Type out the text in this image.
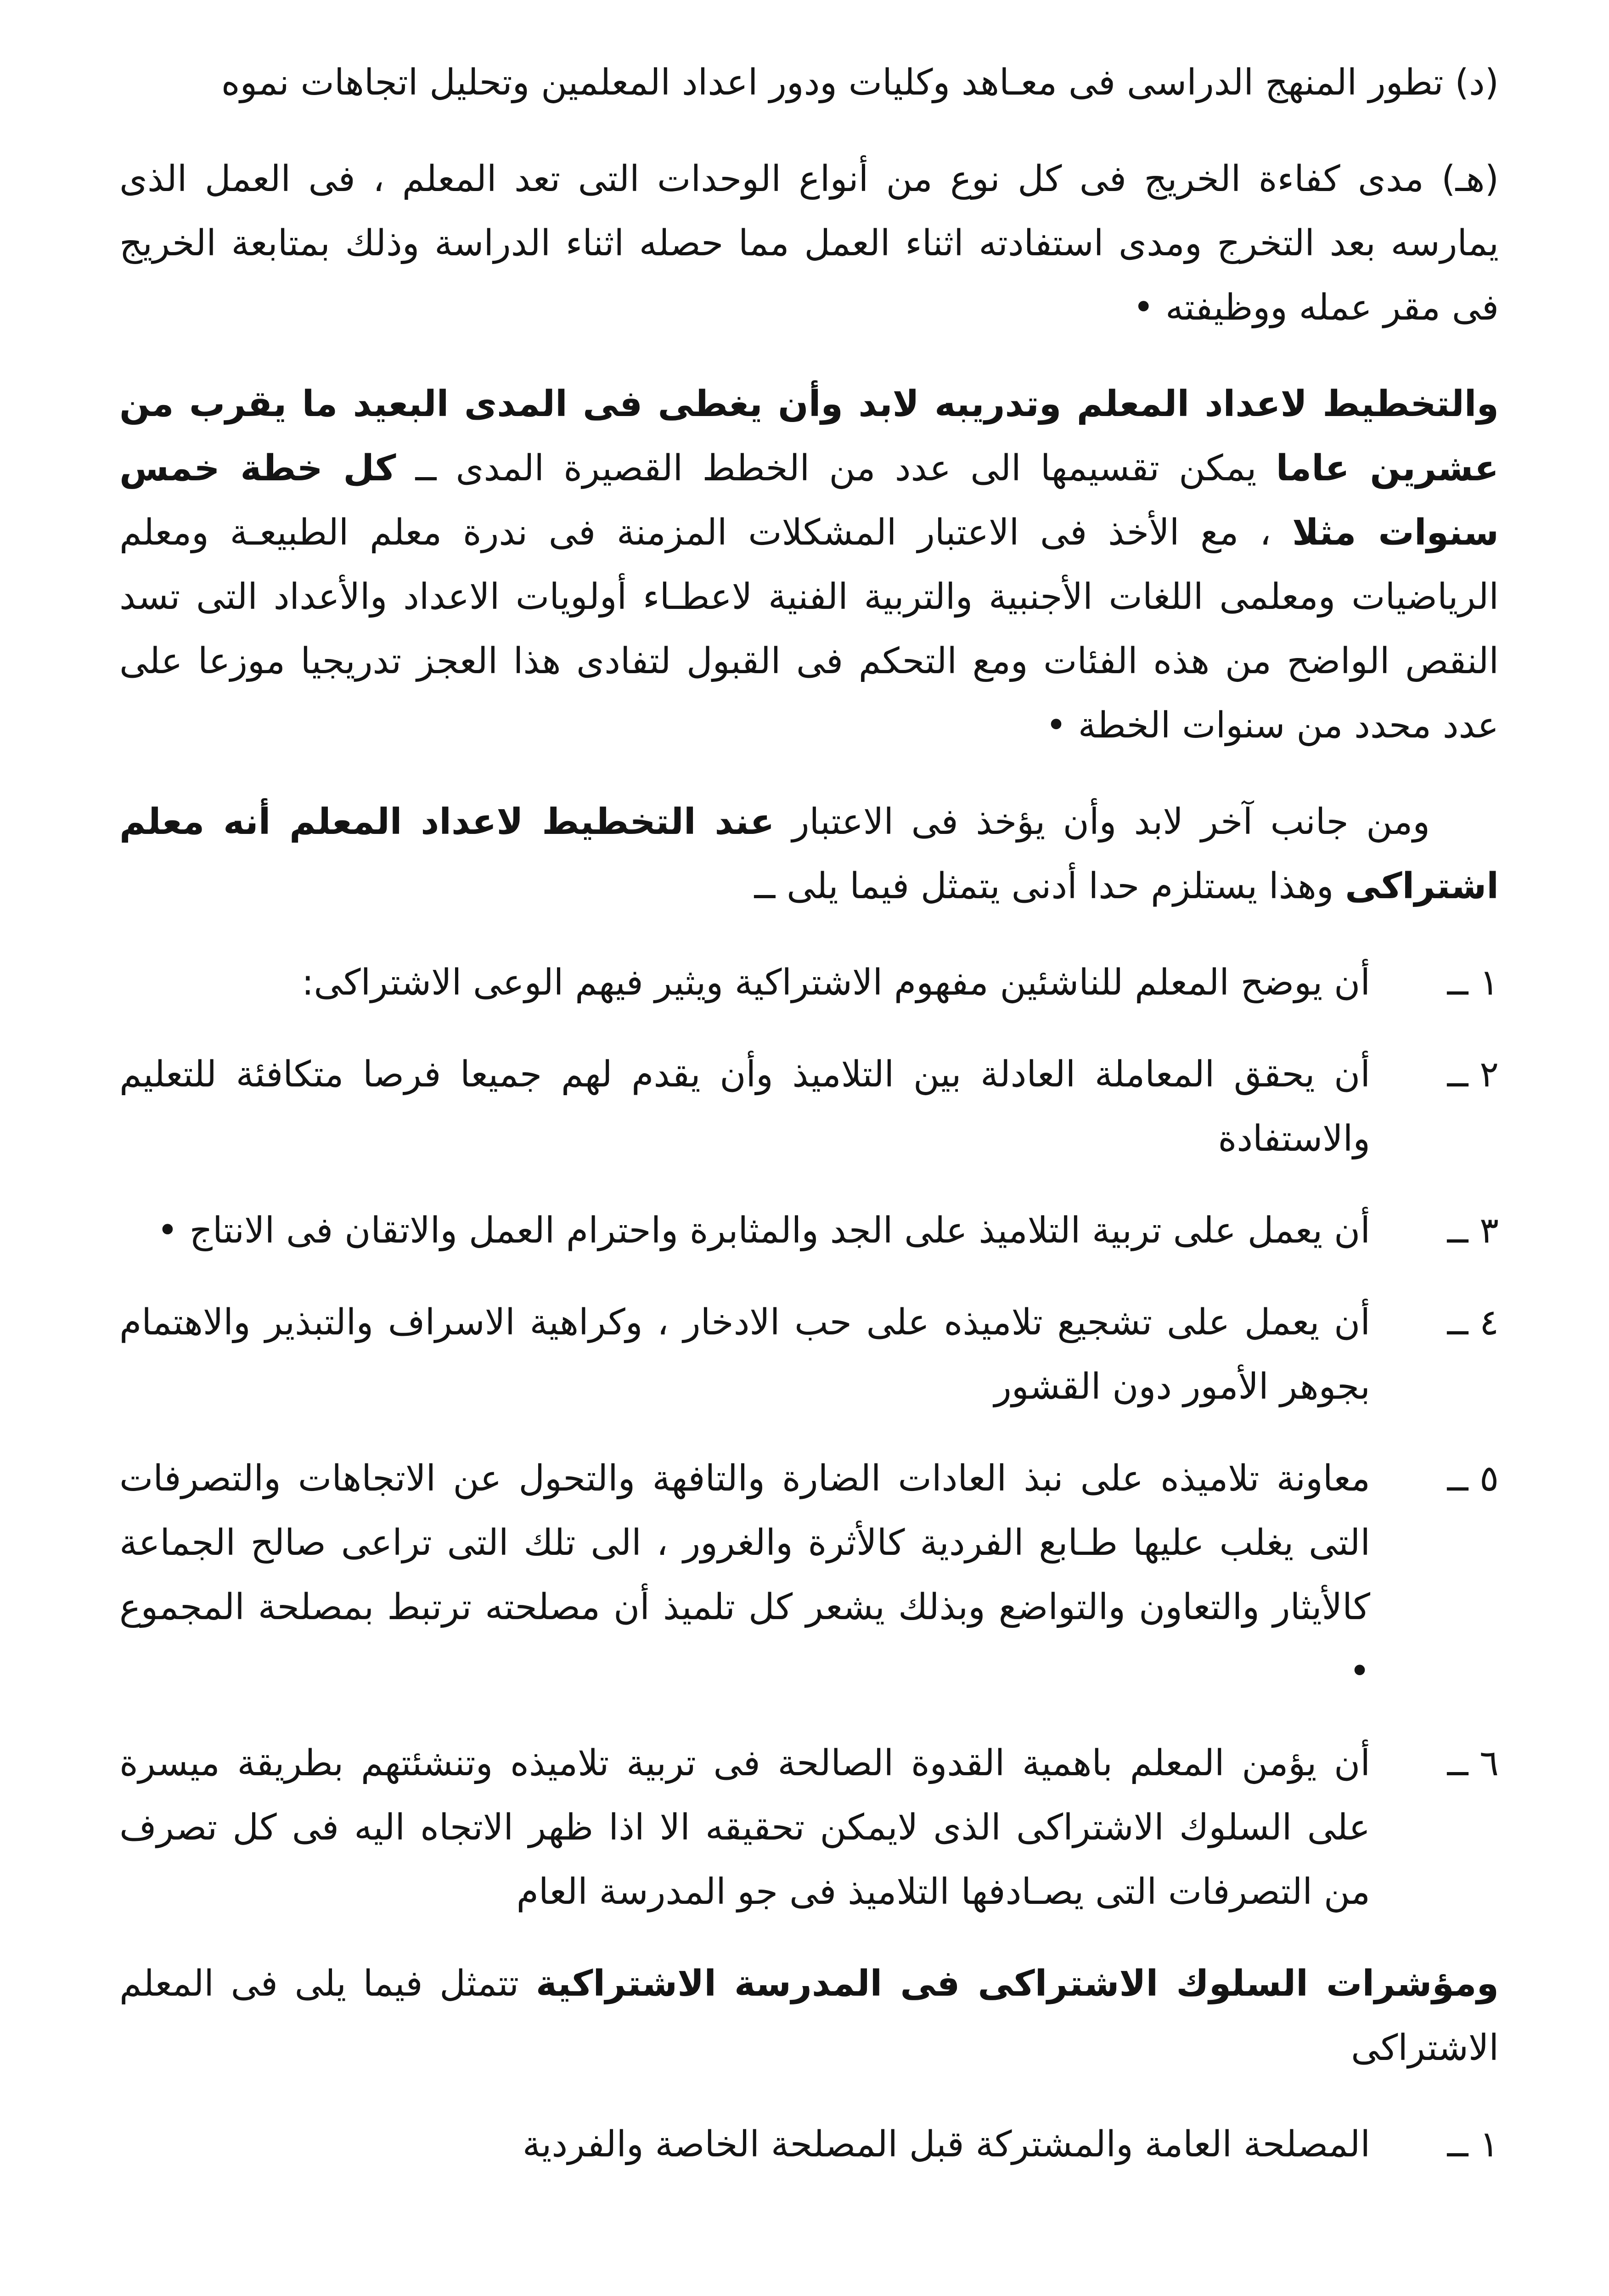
(د) تطور المنهج الدراسى فى معـاهد وكليات ودور اعداد المعلمين وتحليل اتجاهات نموه

(هـ) مدى كفاءة الخريج فى كل نوع من أنواع الوحدات التى تعد المعلم ، فى العمل الذى يمارسه بعد التخرج ومدى استفادته اثناء العمل مما حصله اثناء الدراسة وذلك بمتابعة الخريج فى مقر عمله ووظيفته •

والتخطيط لاعداد المعلم وتدريبه لابد وأن يغطى فى المدى البعيد ما يقرب من عشرين عاما يمكن تقسيمها الى عدد من الخطط القصيرة المدى ــ كل خطة خمس سنوات مثلا ، مع الأخذ فى الاعتبار المشكلات المزمنة فى ندرة معلم الطبيعـة ومعلم الرياضيات ومعلمى اللغات الأجنبية والتربية الفنية لاعطـاء أولويات الاعداد والأعداد التى تسد النقص الواضح من هذه الفئات ومع التحكم فى القبول لتفادى هذا العجز تدريجيا موزعا على عدد محدد من سنوات الخطة •

ومن جانب آخر لابد وأن يؤخذ فى الاعتبار عند التخطيط لاعداد المعلم أنه معلم اشتراكى وهذا يستلزم حدا أدنى يتمثل فيما يلى ــ

١ ــ
أن يوضح المعلم للناشئين مفهوم الاشتراكية ويثير فيهم الوعى الاشتراكى:
٢ ــ
أن يحقق المعاملة العادلة بين التلاميذ وأن يقدم لهم جميعا فرصا متكافئة للتعليم والاستفادة
٣ ــ
أن يعمل على تربية التلاميذ على الجد والمثابرة واحترام العمل والاتقان فى الانتاج •
٤ ــ
أن يعمل على تشجيع تلاميذه على حب الادخار ، وكراهية الاسراف والتبذير والاهتمام بجوهر الأمور دون القشور
٥ ــ
معاونة تلاميذه على نبذ العادات الضارة والتافهة والتحول عن الاتجاهات والتصرفات التى يغلب عليها طـابع الفردية كالأثرة والغرور ، الى تلك التى تراعى صالح الجماعة كالأيثار والتعاون والتواضع وبذلك يشعر كل تلميذ أن مصلحته ترتبط بمصلحة المجموع •
٦ ــ
أن يؤمن المعلم باهمية القدوة الصالحة فى تربية تلاميذه وتنشئتهم بطريقة ميسرة على السلوك الاشتراكى الذى لايمكن تحقيقه الا اذا ظهر الاتجاه اليه فى كل تصرف من التصرفات التى يصـادفها التلاميذ فى جو المدرسة العام

ومؤشرات السلوك الاشتراكى فى المدرسة الاشتراكية تتمثل فيما يلى فى المعلم الاشتراكى

١ ــ
المصلحة العامة والمشتركة قبل المصلحة الخاصة والفردية
